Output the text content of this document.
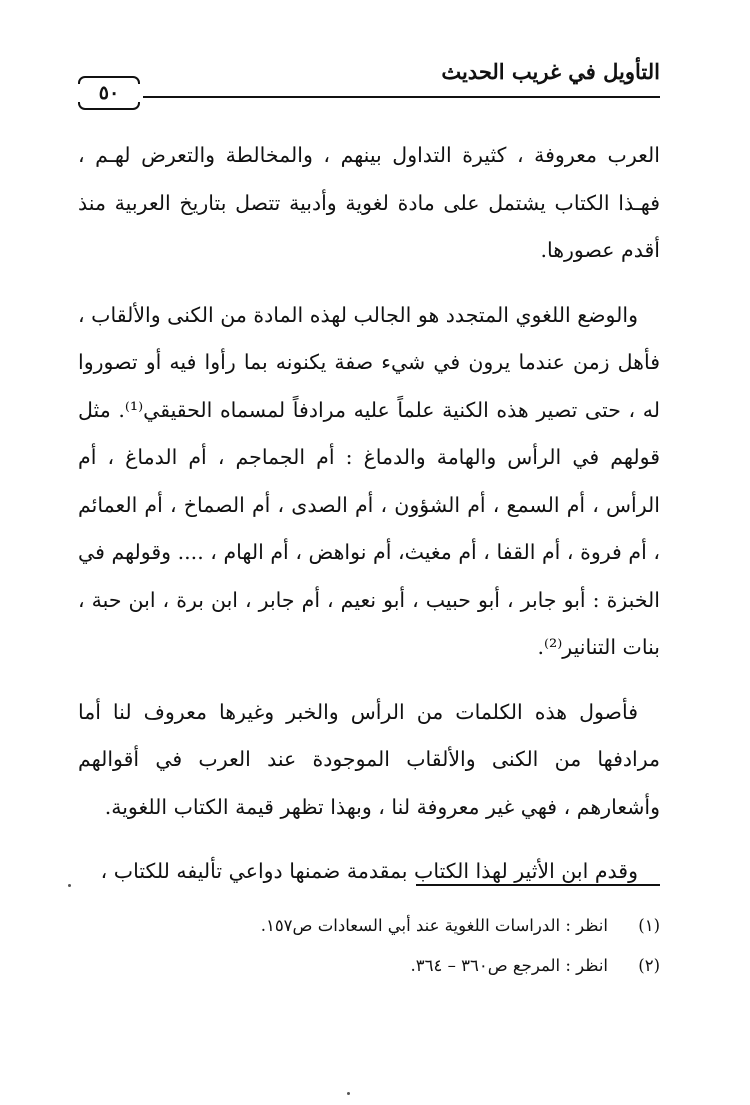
التأويل في غريب الحديث
٥٠

العرب معروفة ، كثيرة التداول بينهم ، والمخالطة والتعرض لهـم ، فهـذا الكتاب يشتمل على مادة لغوية وأدبية تتصل بتاريخ العربية منذ أقدم عصورها.

والوضع اللغوي المتجدد هو الجالب لهذه المادة من الكنى والألقاب ، فأهل زمن عندما يرون في شيء صفة يكنونه بما رأوا فيه أو تصوروا له ، حتى تصير هذه الكنية علماً عليه مرادفاً لمسماه الحقيقي⁽¹⁾. مثل قولهم في الرأس والهامة والدماغ : أم الجماجم ، أم الدماغ ، أم الرأس ، أم السمع ، أم الشؤون ، أم الصدى ، أم الصماخ ، أم العمائم ، أم فروة ، أم القفا ، أم مغيث، أم نواهض ، أم الهام ، .... وقولهم في الخبزة : أبو جابر ، أبو حبيب ، أبو نعيم ، أم جابر ، ابن برة ، ابن حبة ، بنات التنانير⁽²⁾.

فأصول هذه الكلمات من الرأس والخبر وغيرها معروف لنا أما مرادفها من الكنى والألقاب الموجودة عند العرب في أقوالهم وأشعارهم ، فهي غير معروفة لنا ، وبهذا تظهر قيمة الكتاب اللغوية.

وقدم ابن الأثير لهذا الكتاب بمقدمة ضمنها دواعي تأليفه للكتاب ،

(١)
انظر : الدراسات اللغوية عند أبي السعادات ص١٥٧.
(٢)
انظر : المرجع ص٣٦٠ – ٣٦٤.
